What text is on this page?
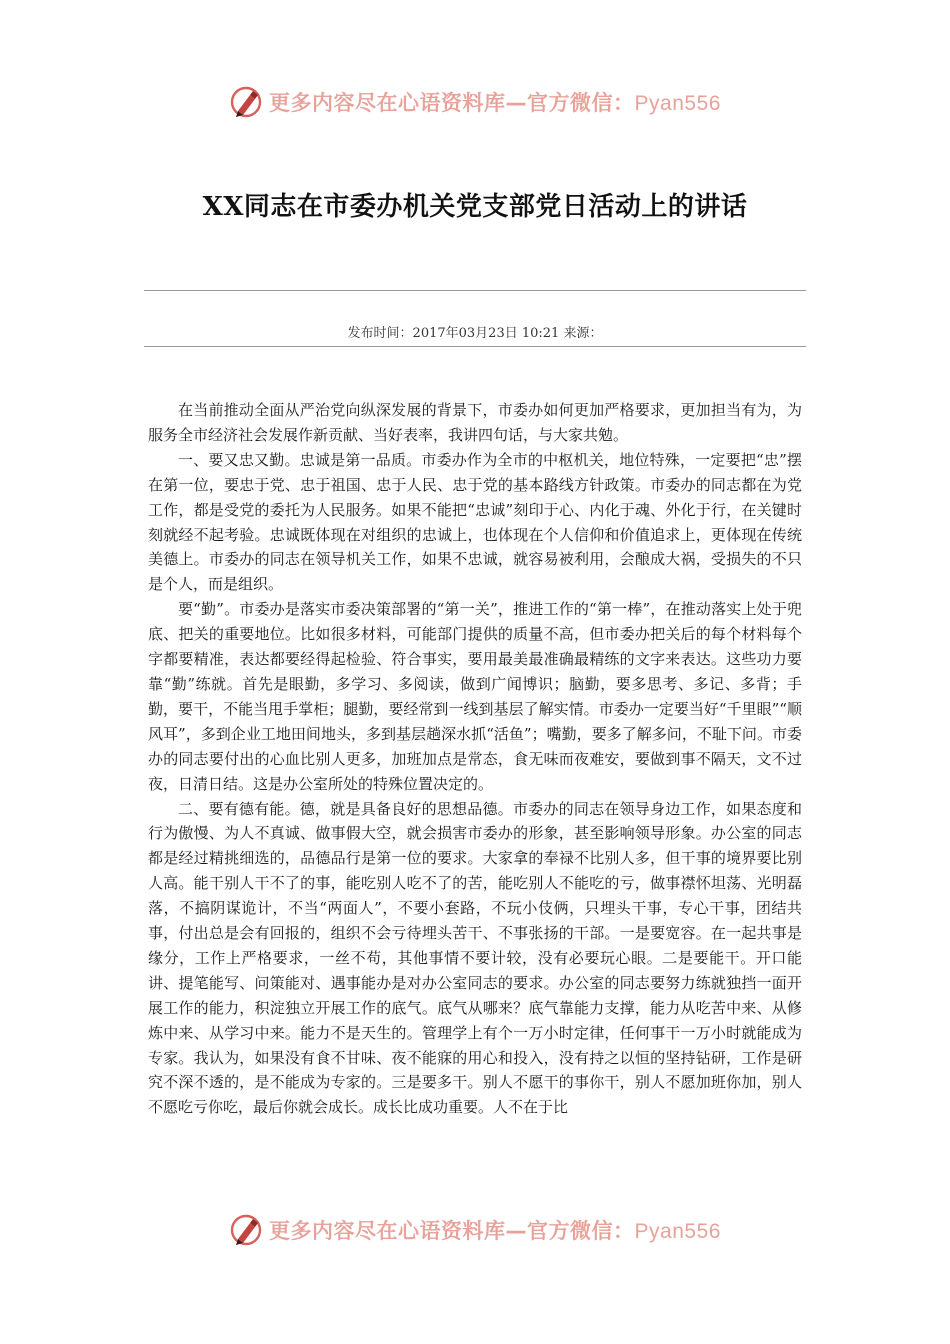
更多内容尽在心语资料库—官方微信：Pyan556
XX同志在市委办机关党支部党日活动上的讲话
发布时间：2017年03月23日 10:21 来源：

在当前推动全面从严治党向纵深发展的背景下，市委办如何更加严格要求，更加担当有为，为服务全市经济社会发展作新贡献、当好表率，我讲四句话，与大家共勉。

一、要又忠又勤。忠诚是第一品质。市委办作为全市的中枢机关，地位特殊，一定要把“忠”摆在第一位，要忠于党、忠于祖国、忠于人民、忠于党的基本路线方针政策。市委办的同志都在为党工作，都是受党的委托为人民服务。如果不能把“忠诚”刻印于心、内化于魂、外化于行，在关键时刻就经不起考验。忠诚既体现在对组织的忠诚上，也体现在个人信仰和价值追求上，更体现在传统美德上。市委办的同志在领导机关工作，如果不忠诚，就容易被利用，会酿成大祸，受损失的不只是个人，而是组织。

要“勤”。市委办是落实市委决策部署的“第一关”，推进工作的“第一棒”，在推动落实上处于兜底、把关的重要地位。比如很多材料，可能部门提供的质量不高，但市委办把关后的每个材料每个字都要精准，表达都要经得起检验、符合事实，要用最美最准确最精练的文字来表达。这些功力要靠“勤”练就。首先是眼勤，多学习、多阅读，做到广闻博识；脑勤，要多思考、多记、多背；手勤，要干，不能当甩手掌柜；腿勤，要经常到一线到基层了解实情。市委办一定要当好“千里眼”“顺风耳”，多到企业工地田间地头，多到基层趟深水抓“活鱼”；嘴勤，要多了解多问，不耻下问。市委办的同志要付出的心血比别人更多，加班加点是常态，食无味而夜难安，要做到事不隔天，文不过夜，日清日结。这是办公室所处的特殊位置决定的。

二、要有德有能。德，就是具备良好的思想品德。市委办的同志在领导身边工作，如果态度和行为傲慢、为人不真诚、做事假大空，就会损害市委办的形象，甚至影响领导形象。办公室的同志都是经过精挑细选的，品德品行是第一位的要求。大家拿的奉禄不比别人多，但干事的境界要比别人高。能干别人干不了的事，能吃别人吃不了的苦，能吃别人不能吃的亏，做事襟怀坦荡、光明磊落，不搞阴谋诡计，不当“两面人”，不要小套路，不玩小伎俩，只埋头干事，专心干事，团结共事，付出总是会有回报的，组织不会亏待埋头苦干、不事张扬的干部。一是要宽容。在一起共事是缘分，工作上严格要求，一丝不苟，其他事情不要计较，没有必要玩心眼。二是要能干。开口能讲、提笔能写、问策能对、遇事能办是对办公室同志的要求。办公室的同志要努力练就独挡一面开展工作的能力，积淀独立开展工作的底气。底气从哪来？底气靠能力支撑，能力从吃苦中来、从修炼中来、从学习中来。能力不是天生的。管理学上有个一万小时定律，任何事干一万小时就能成为专家。我认为，如果没有食不甘味、夜不能寐的用心和投入，没有持之以恒的坚持钻研，工作是研究不深不透的，是不能成为专家的。三是要多干。别人不愿干的事你干，别人不愿加班你加，别人不愿吃亏你吃，最后你就会成长。成长比成功重要。人不在于比

更多内容尽在心语资料库—官方微信：Pyan556
